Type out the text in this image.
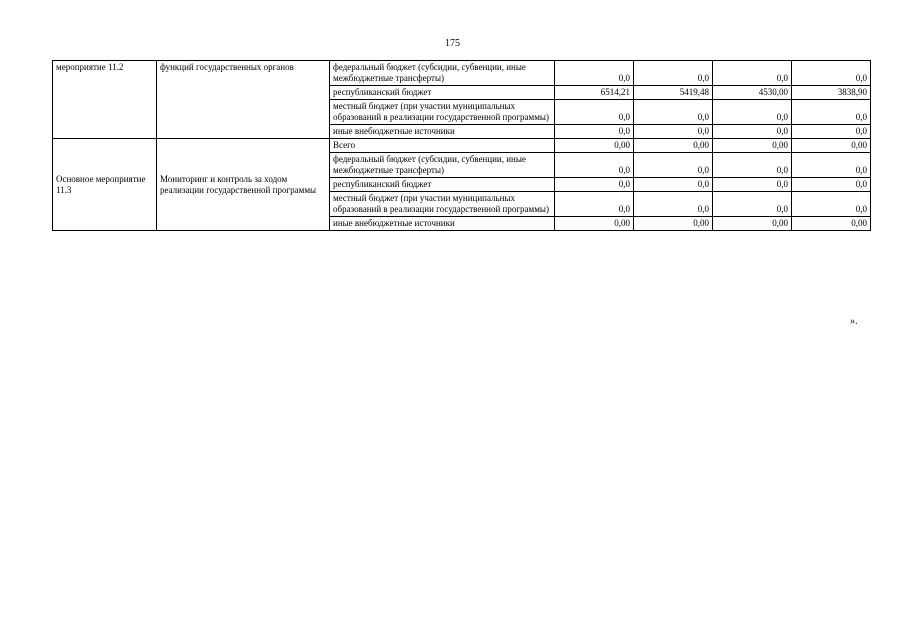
175
мероприятие 11.2	функций государственных органов	федеральный бюджет (субсидии, субвенции, иные межбюджетные трансферты)	0,0	0,0	0,0	0,0
		республиканский бюджет	6514,21	5419,48	4530,00	3838,90
		местный бюджет (при участии муниципальных образований в реализации государственной программы)	0,0	0,0	0,0	0,0
		иные внебюджетные источники	0,0	0,0	0,0	0,0
Основное мероприятие 11.3	Мониторинг и контроль за ходом реализации государственной программы	Всего	0,00	0,00	0,00	0,00
		федеральный бюджет (субсидии, субвенции, иные межбюджетные трансферты)	0,0	0,0	0,0	0,0
		республиканский бюджет	0,0	0,0	0,0	0,0
		местный бюджет (при участии муниципальных образований в реализации государственной программы)	0,0	0,0	0,0	0,0
		иные внебюджетные источники	0,00	0,00	0,00	0,00
».
